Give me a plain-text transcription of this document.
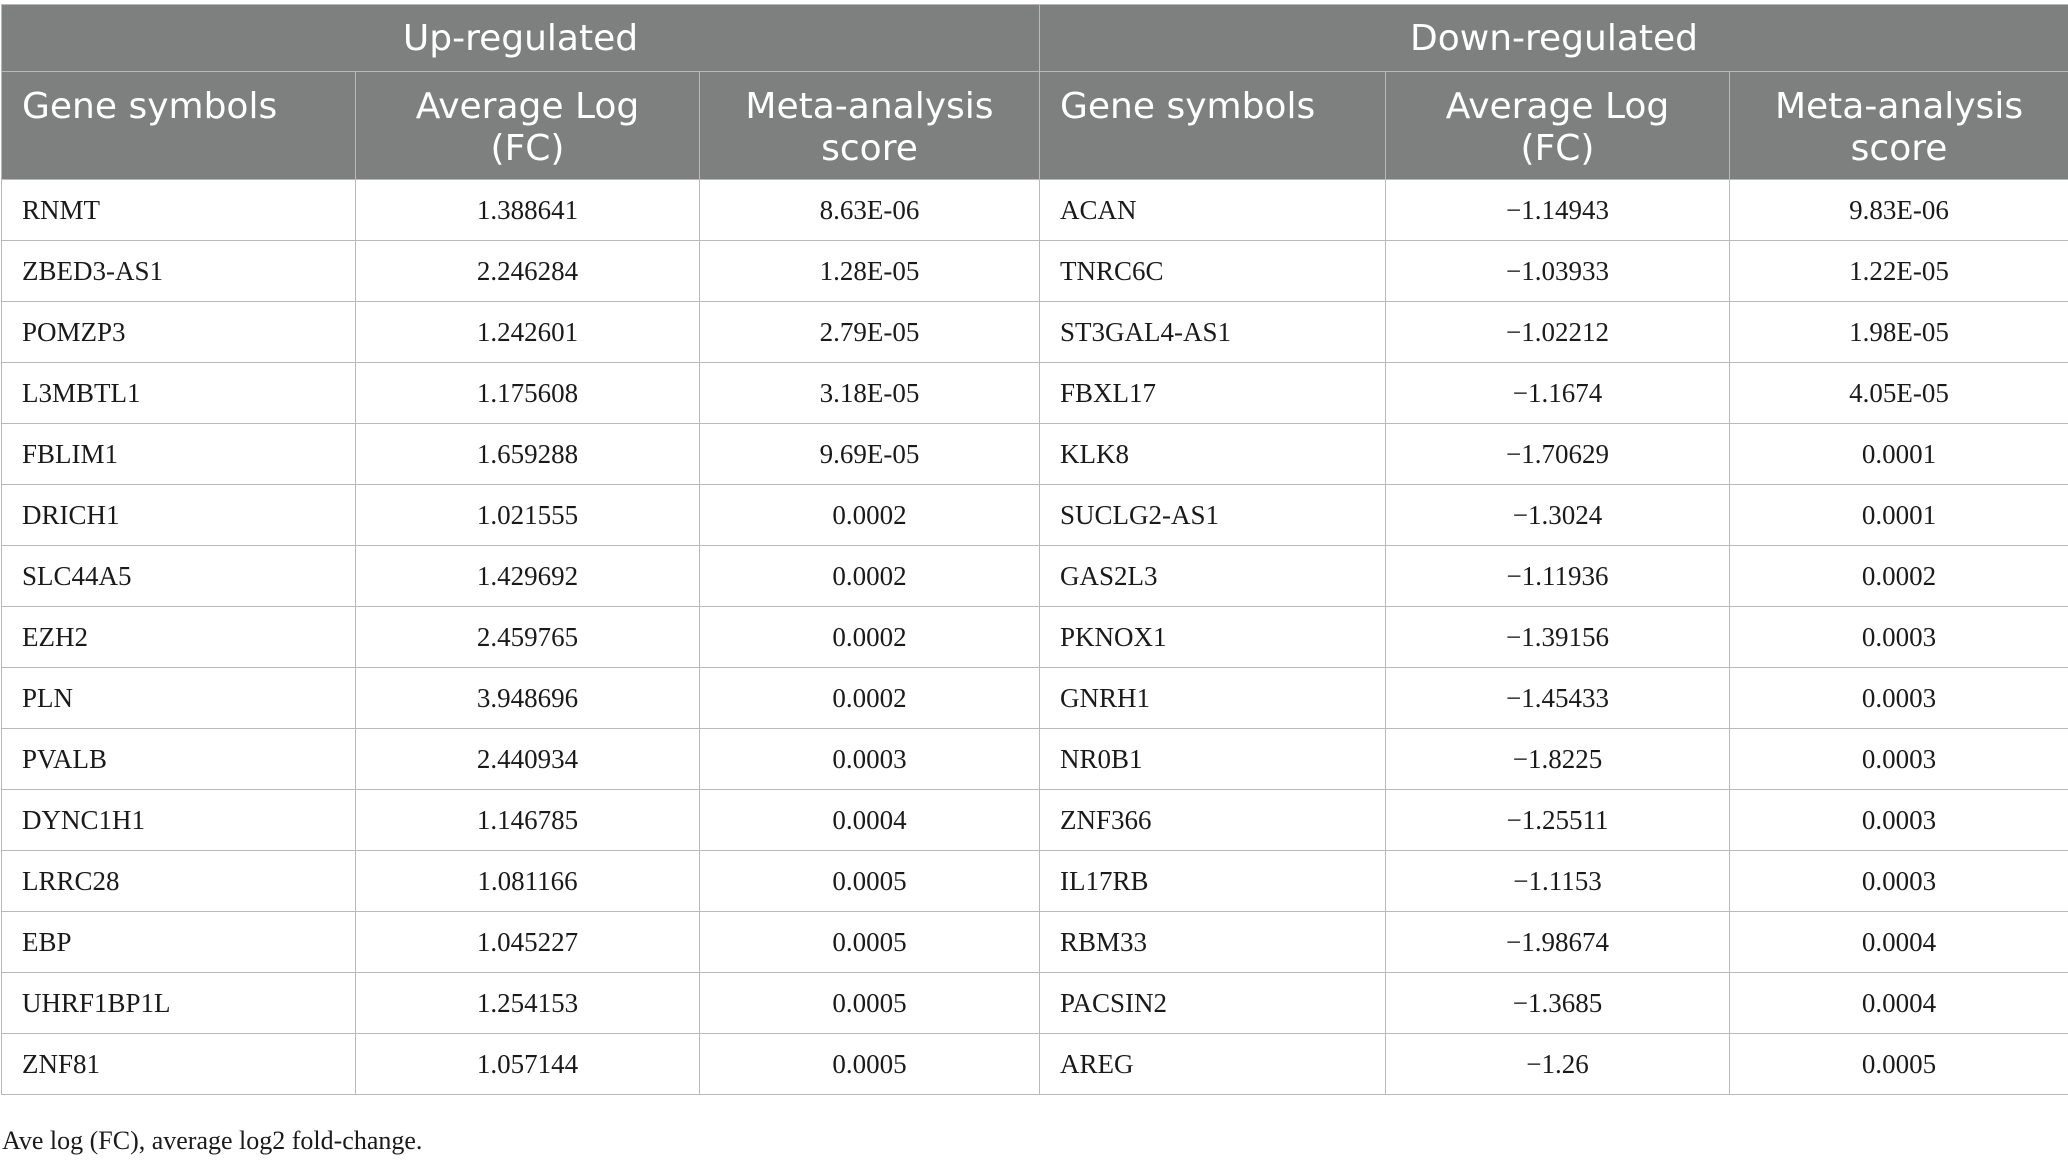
Up-regulated			Down-regulated		
Gene symbols	Average Log (FC)	Meta-analysis score	Gene symbols	Average Log (FC)	Meta-analysis score
RNMT	1.388641	8.63E-06	ACAN	−1.14943	9.83E-06
ZBED3-AS1	2.246284	1.28E-05	TNRC6C	−1.03933	1.22E-05
POMZP3	1.242601	2.79E-05	ST3GAL4-AS1	−1.02212	1.98E-05
L3MBTL1	1.175608	3.18E-05	FBXL17	−1.1674	4.05E-05
FBLIM1	1.659288	9.69E-05	KLK8	−1.70629	0.0001
DRICH1	1.021555	0.0002	SUCLG2-AS1	−1.3024	0.0001
SLC44A5	1.429692	0.0002	GAS2L3	−1.11936	0.0002
EZH2	2.459765	0.0002	PKNOX1	−1.39156	0.0003
PLN	3.948696	0.0002	GNRH1	−1.45433	0.0003
PVALB	2.440934	0.0003	NR0B1	−1.8225	0.0003
DYNC1H1	1.146785	0.0004	ZNF366	−1.25511	0.0003
LRRC28	1.081166	0.0005	IL17RB	−1.1153	0.0003
EBP	1.045227	0.0005	RBM33	−1.98674	0.0004
UHRF1BP1L	1.254153	0.0005	PACSIN2	−1.3685	0.0004
ZNF81	1.057144	0.0005	AREG	−1.26	0.0005
Ave log (FC), average log2 fold-change.
